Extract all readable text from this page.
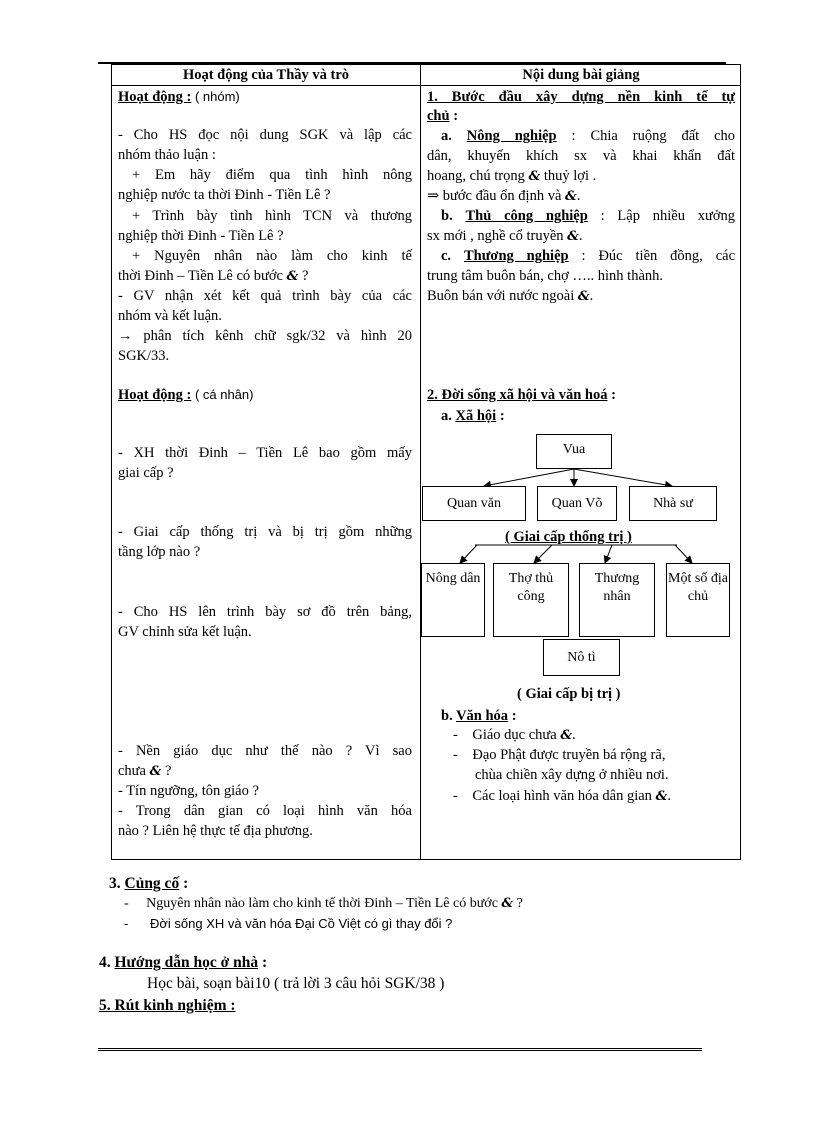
Hoạt động của Thầy và trò	Nội dung bài giảng
Hoạt động : ( nhóm)
- Cho HS đọc nội dung SGK và lập các
nhóm thảo luận :
+ Em hãy điểm qua tình hình nông
nghiệp nước ta thời Đinh - Tiền Lê ?
+ Trình bày tình hình TCN và thương
nghiệp thời Đinh - Tiền Lê ?
+ Nguyên nhân nào làm cho kinh tế
thời Đinh – Tiền Lê có bước & ?
- GV nhận xét kết quả trình bày của các
nhóm và kết luận.
→ phân tích kênh chữ sgk/32 và hình 20
SGK/33.
Hoạt động : ( cá nhân)
- XH thời Đinh – Tiền Lê bao gồm mấy
giai cấp ?
- Giai cấp thống trị và bị trị gồm những
tầng lớp nào ?
- Cho HS lên trình bày sơ đồ trên bảng,
GV chỉnh sửa kết luận.
- Nền giáo dục như thế nào ? Vì sao
chưa & ?
- Tín ngưỡng, tôn giáo ?
- Trong dân gian có loại hình văn hóa
nào ? Liên hệ thực tế địa phương.
1. Bước đầu xây dựng nền kinh tế tự
chủ :
a. Nông nghiệp : Chia ruộng đất cho
dân, khuyến khích sx và khai khẩn đất
hoang, chú trọng & thuỷ lợi .
⇒ bước đầu ổn định và &.
b. Thủ công nghiệp : Lập nhiều xưởng
sx mới , nghề cổ truyền &.
c. Thương nghiệp : Đúc tiền đồng, các
trung tâm buôn bán, chợ ….. hình thành.
Buôn bán với nước ngoài &.
2. Đời sống xã hội và văn hoá :
a. Xã hội :
Vua
Quan văn	Quan Võ	Nhà sư
( Giai cấp thống trị )
Nông dân	Thợ thủ công
Thương nhân
Một số địa chủ
Nô tì
( Giai cấp bị trị )
b. Văn hóa :
-    Giáo dục chưa &.
-    Đạo Phật được truyền bá rộng rã,
chùa chiền xây dựng ở nhiều nơi.
-    Các loại hình văn hóa dân gian &.
3. Củng cố :
-     Nguyên nhân nào làm cho kinh tế thời Đinh – Tiền Lê có bước & ?
-      Đời sống XH và văn hóa Đại Cồ Việt có gì thay đổi ?
4. Hướng dẫn học ở nhà :
Học bài, soạn bài10 ( trả lời 3 câu hỏi SGK/38 )
5. Rút kinh nghiệm :
